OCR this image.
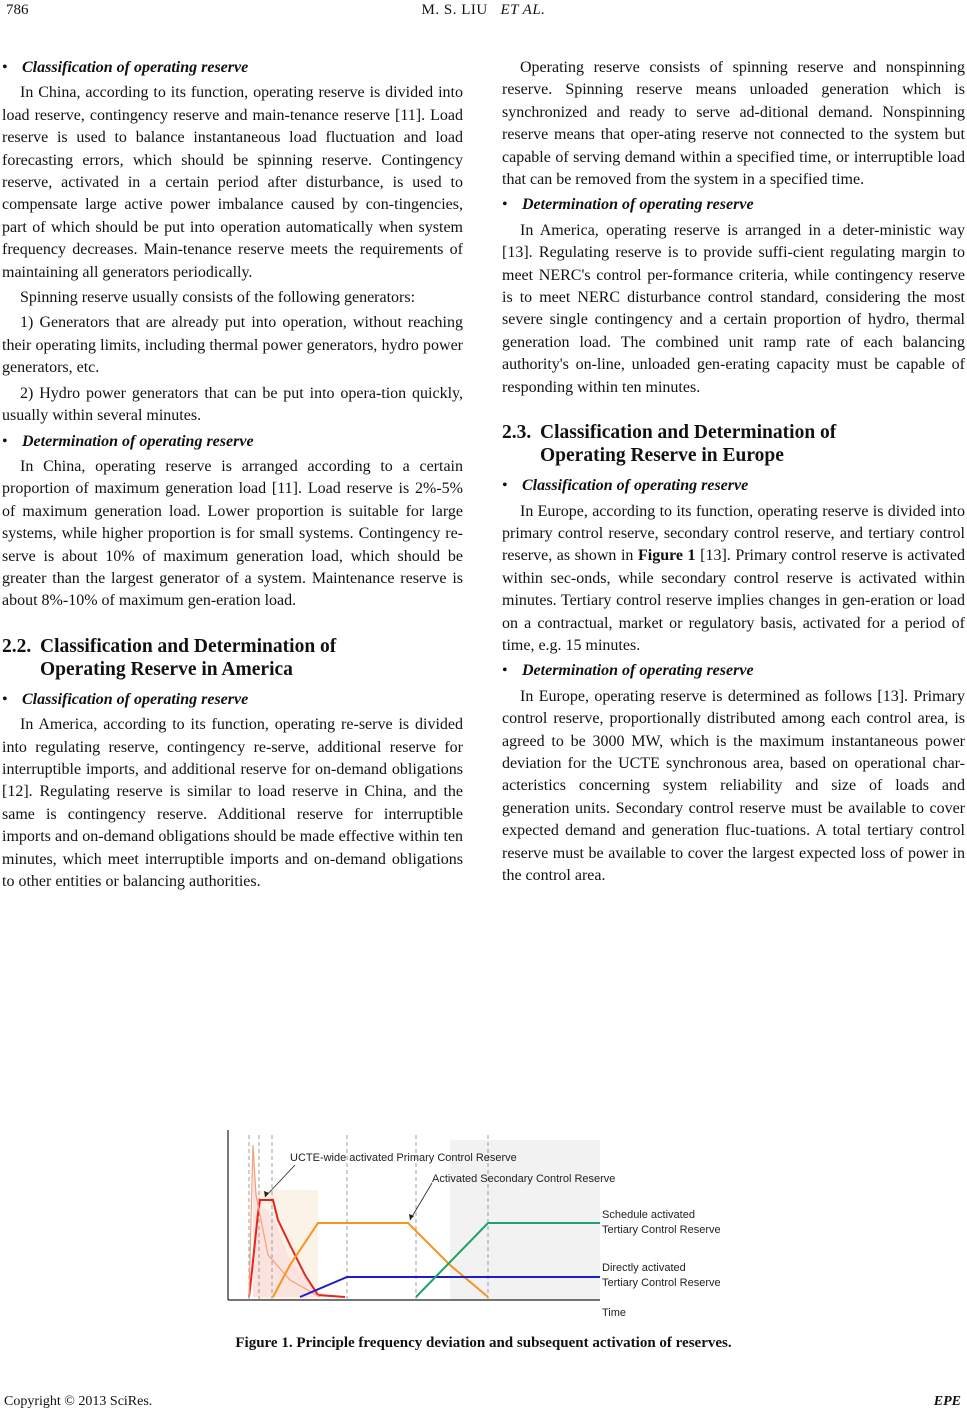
786	M. S. LIU ET AL.
• Classification of operating reserve

In China, according to its function, operating reserve is divided into load reserve, contingency reserve and main-tenance reserve [11]. Load reserve is used to balance instantaneous load fluctuation and load forecasting errors, which should be spinning reserve. Contingency reserve, activated in a certain period after disturbance, is used to compensate large active power imbalance caused by con-tingencies, part of which should be put into operation automatically when system frequency decreases. Main-tenance reserve meets the requirements of maintaining all generators periodically.

Spinning reserve usually consists of the following generators:

1) Generators that are already put into operation, without reaching their operating limits, including thermal power generators, hydro power generators, etc.

2) Hydro power generators that can be put into opera-tion quickly, usually within several minutes.

• Determination of operating reserve

In China, operating reserve is arranged according to a certain proportion of maximum generation load [11]. Load reserve is 2%-5% of maximum generation load. Lower proportion is suitable for large systems, while higher proportion is for small systems. Contingency re-serve is about 10% of maximum generation load, which should be greater than the largest generator of a system. Maintenance reserve is about 8%-10% of maximum gen-eration load.

2.2. Classification and Determination of
Operating Reserve in America
• Classification of operating reserve

In America, according to its function, operating re-serve is divided into regulating reserve, contingency re-serve, additional reserve for interruptible imports, and additional reserve for on-demand obligations [12]. Regulating reserve is similar to load reserve in China, and the same is contingency reserve. Additional reserve for interruptible imports and on-demand obligations should be made effective within ten minutes, which meet interruptible imports and on-demand obligations to other entities or balancing authorities.

Operating reserve consists of spinning reserve and nonspinning reserve. Spinning reserve means unloaded generation which is synchronized and ready to serve ad-ditional demand. Nonspinning reserve means that oper-ating reserve not connected to the system but capable of serving demand within a specified time, or interruptible load that can be removed from the system in a specified time.

• Determination of operating reserve

In America, operating reserve is arranged in a deter-ministic way [13]. Regulating reserve is to provide suffi-cient regulating margin to meet NERC's control per-formance criteria, while contingency reserve is to meet NERC disturbance control standard, considering the most severe single contingency and a certain proportion of hydro, thermal generation load. The combined unit ramp rate of each balancing authority's on-line, unloaded gen-erating capacity must be capable of responding within ten minutes.

2.3. Classification and Determination of
Operating Reserve in Europe
• Classification of operating reserve

In Europe, according to its function, operating reserve is divided into primary control reserve, secondary control reserve, and tertiary control reserve, as shown in Figure 1 [13]. Primary control reserve is activated within sec-onds, while secondary control reserve is activated within minutes. Tertiary control reserve implies changes in gen-eration or load on a contractual, market or regulatory basis, activated for a period of time, e.g. 15 minutes.

• Determination of operating reserve

In Europe, operating reserve is determined as follows [13]. Primary control reserve, proportionally distributed among each control area, is agreed to be 3000 MW, which is the maximum instantaneous power deviation for the UCTE synchronous area, based on operational char-acteristics concerning system reliability and size of loads and generation units. Secondary control reserve must be available to cover expected demand and generation fluc-tuations. A total tertiary control reserve must be available to cover the largest expected loss of power in the control area.

UCTE-wide activated Primary Control Reserve
Activated Secondary Control Reserve
Schedule activated
Tertiary Control Reserve
Directly activated
Tertiary Control Reserve
Time
Figure 1. Principle frequency deviation and subsequent activation of reserves.
Copyright © 2013 SciRes.	EPE
